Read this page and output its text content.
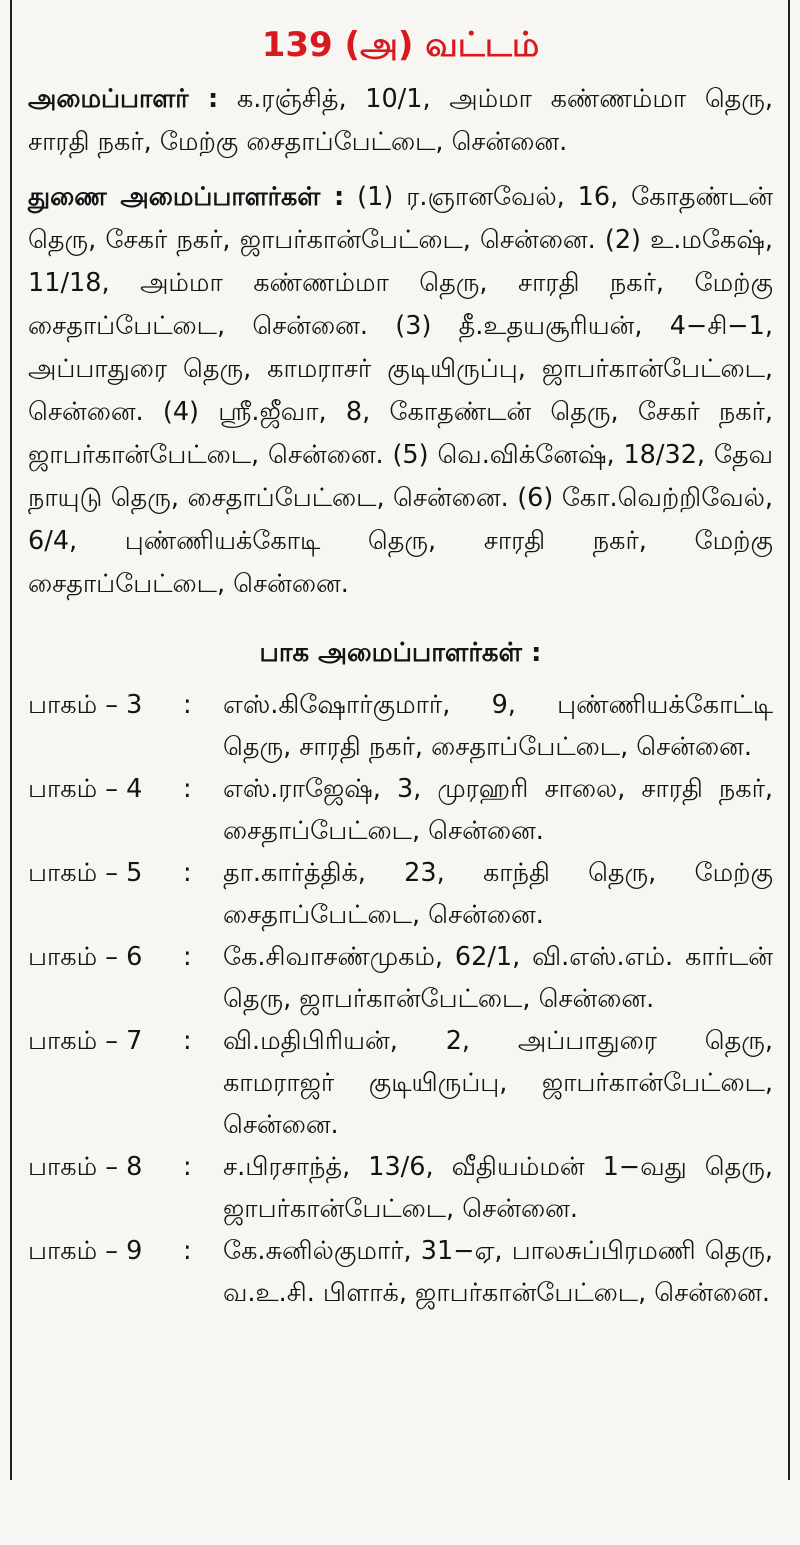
139 (அ) வட்டம்

அமைப்பாளர் : க.ரஞ்சித், 10/1, அம்மா கண்ணம்மா தெரு, சாரதி நகர், மேற்கு சைதாப்பேட்டை, சென்னை.

துணை அமைப்பாளர்கள் : (1) ர.ஞானவேல், 16, கோதண்டன் தெரு, சேகர் நகர், ஜாபர்கான்பேட்டை, சென்னை. (2) உ.மகேஷ், 11/18, அம்மா கண்ணம்மா தெரு, சாரதி நகர், மேற்கு சைதாப்பேட்டை, சென்னை. (3) தீ.உதயசூரியன், 4−சி−1, அப்பாதுரை தெரு, காமராசர் குடியிருப்பு, ஜாபர்கான்பேட்டை, சென்னை. (4) ஸ்ரீ.ஜீவா, 8, கோதண்டன் தெரு, சேகர் நகர், ஜாபர்கான்பேட்டை, சென்னை. (5) வெ.விக்னேஷ், 18/32, தேவ நாயுடு தெரு, சைதாப்பேட்டை, சென்னை. (6) கோ.வெற்றிவேல், 6/4, புண்ணியக்கோடி தெரு, சாரதி நகர், மேற்கு சைதாப்பேட்டை, சென்னை.

பாக அமைப்பாளர்கள் :
பாகம் – 3	:	எஸ்.கிஷோர்குமார், 9, புண்ணியக்கோட்டி தெரு, சாரதி நகர், சைதாப்பேட்டை, சென்னை.
பாகம் – 4	:	எஸ்.ராஜேஷ், 3, முரஹரி சாலை, சாரதி நகர், சைதாப்பேட்டை, சென்னை.
பாகம் – 5	:	தா.கார்த்திக், 23, காந்தி தெரு, மேற்கு சைதாப்பேட்டை, சென்னை.
பாகம் – 6	:	கே.சிவாசண்முகம், 62/1, வி.எஸ்.எம். கார்டன் தெரு, ஜாபர்கான்பேட்டை, சென்னை.
பாகம் – 7	:	வி.மதிபிரியன், 2, அப்பாதுரை தெரு, காமராஜர் குடியிருப்பு, ஜாபர்கான்பேட்டை, சென்னை.
பாகம் – 8	:	ச.பிரசாந்த், 13/6, வீதியம்மன் 1−வது தெரு, ஜாபர்கான்பேட்டை, சென்னை.
பாகம் – 9	:	கே.சுனில்குமார், 31−ஏ, பாலசுப்பிரமணி தெரு, வ.உ.சி. பிளாக், ஜாபர்கான்பேட்டை, சென்னை.
